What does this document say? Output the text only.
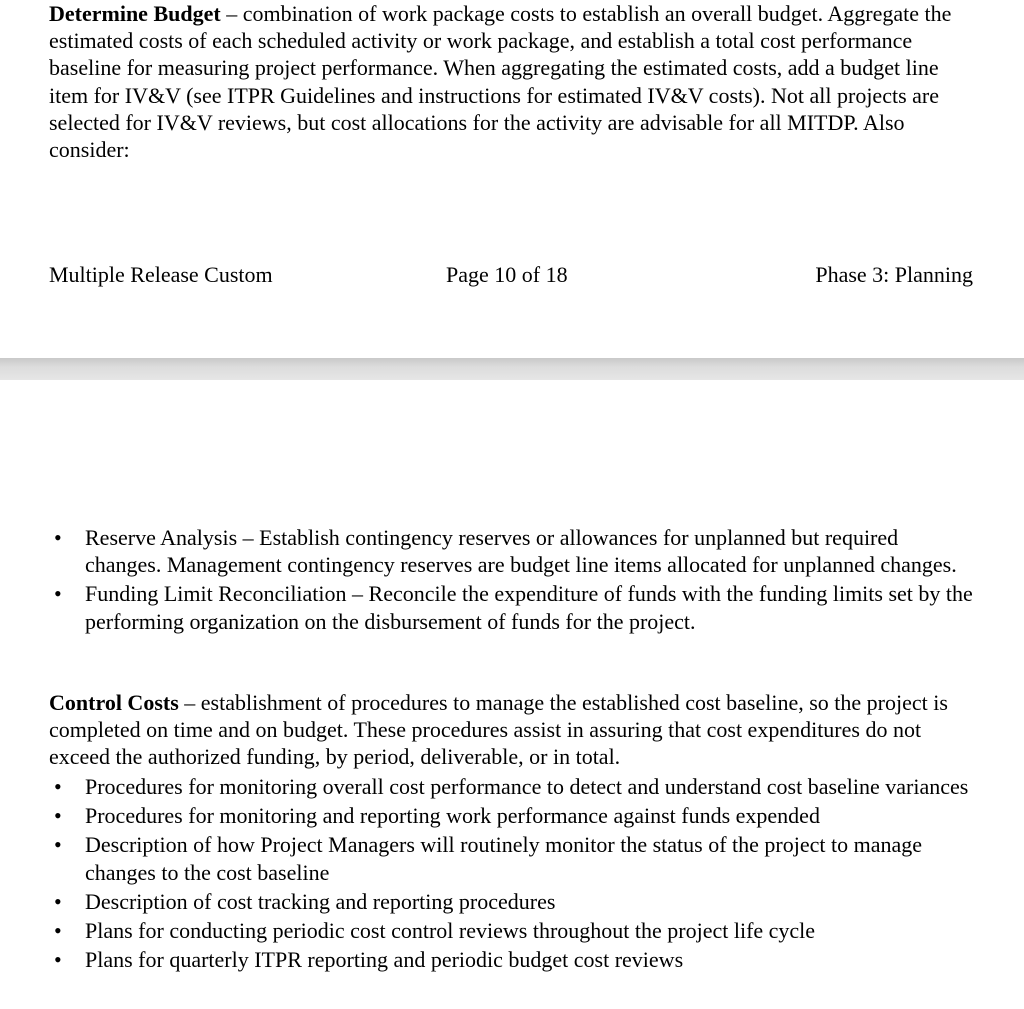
Determine Budget – combination of work package costs to establish an overall budget. Aggregate the estimated costs of each scheduled activity or work package, and establish a total cost performance baseline for measuring project performance. When aggregating the estimated costs, add a budget line item for IV&V (see ITPR Guidelines and instructions for estimated IV&V costs). Not all projects are selected for IV&V reviews, but cost allocations for the activity are advisable for all MITDP. Also consider:

Multiple Release Custom	Page 10 of 18	Phase 3: Planning
• Reserve Analysis – Establish contingency reserves or allowances for unplanned but required changes. Management contingency reserves are budget line items allocated for unplanned changes.
• Funding Limit Reconciliation – Reconcile the expenditure of funds with the funding limits set by the performing organization on the disbursement of funds for the project.

Control Costs – establishment of procedures to manage the established cost baseline, so the project is completed on time and on budget. These procedures assist in assuring that cost expenditures do not exceed the authorized funding, by period, deliverable, or in total.

• Procedures for monitoring overall cost performance to detect and understand cost baseline variances
• Procedures for monitoring and reporting work performance against funds expended
• Description of how Project Managers will routinely monitor the status of the project to manage changes to the cost baseline
• Description of cost tracking and reporting procedures
• Plans for conducting periodic cost control reviews throughout the project life cycle
• Plans for quarterly ITPR reporting and periodic budget cost reviews
